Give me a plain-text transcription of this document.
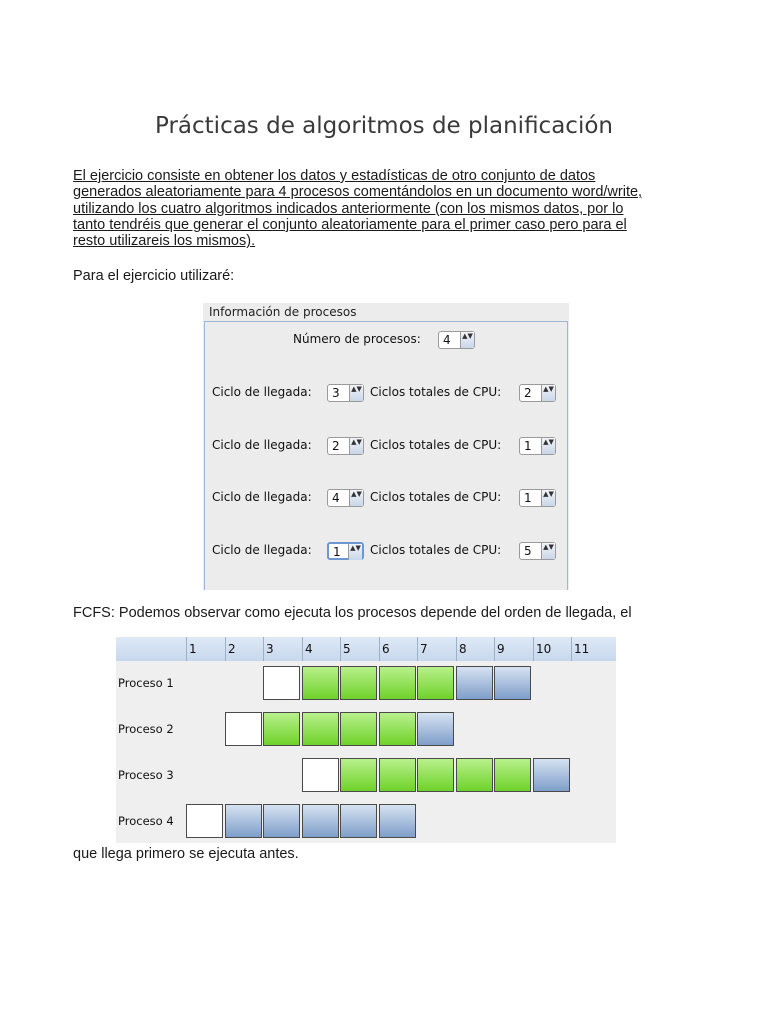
Prácticas de algoritmos de planificación
El ejercicio consiste en obtener los datos y estadísticas de otro conjunto de datos
generados aleatoriamente para 4 procesos comentándolos en un documento word/write,
utilizando los cuatro algoritmos indicados anteriormente (con los mismos datos, por lo
tanto tendréis que generar el conjunto aleatoriamente para el primer caso pero para el
resto utilizareis los mismos).
Para el ejercicio utilizaré:
Información de procesos
Número de procesos: 4	▲▼
Ciclo de llegada: 3	▲▼ Ciclos totales de CPU: 2	▲▼
Ciclo de llegada: 2	▲▼ Ciclos totales de CPU: 1	▲▼
Ciclo de llegada: 4	▲▼ Ciclos totales de CPU: 1	▲▼
Ciclo de llegada: 1	▲▼ Ciclos totales de CPU: 5	▲▼
FCFS: Podemos observar como ejecuta los procesos depende del orden de llegada, el
1	2	3	4	5	6	7	8	9	10 11
Proceso 1
Proceso 2
Proceso 3
Proceso 4
que llega primero se ejecuta antes.
